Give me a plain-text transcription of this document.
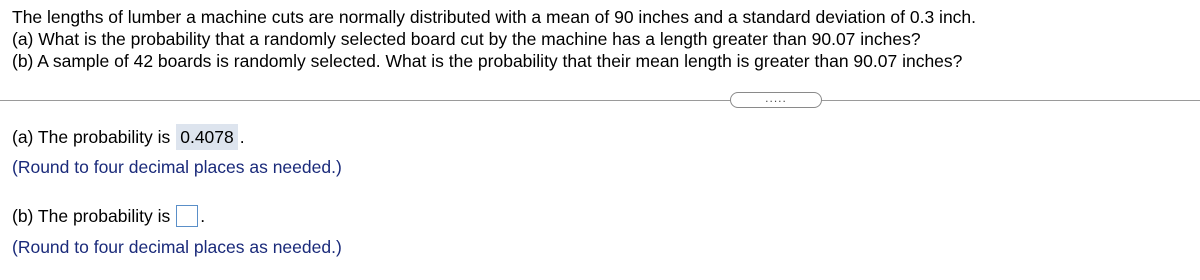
The lengths of lumber a machine cuts are normally distributed with a mean of 90 inches and a standard deviation of 0.3 inch.
(a) What is the probability that a randomly selected board cut by the machine has a length greater than 90.07 inches?
(b) A sample of 42 boards is randomly selected. What is the probability that their mean length is greater than 90.07 inches?
.....
(a) The probability is 0.4078 .
(Round to four decimal places as needed.)
(b) The probability is .
(Round to four decimal places as needed.)
